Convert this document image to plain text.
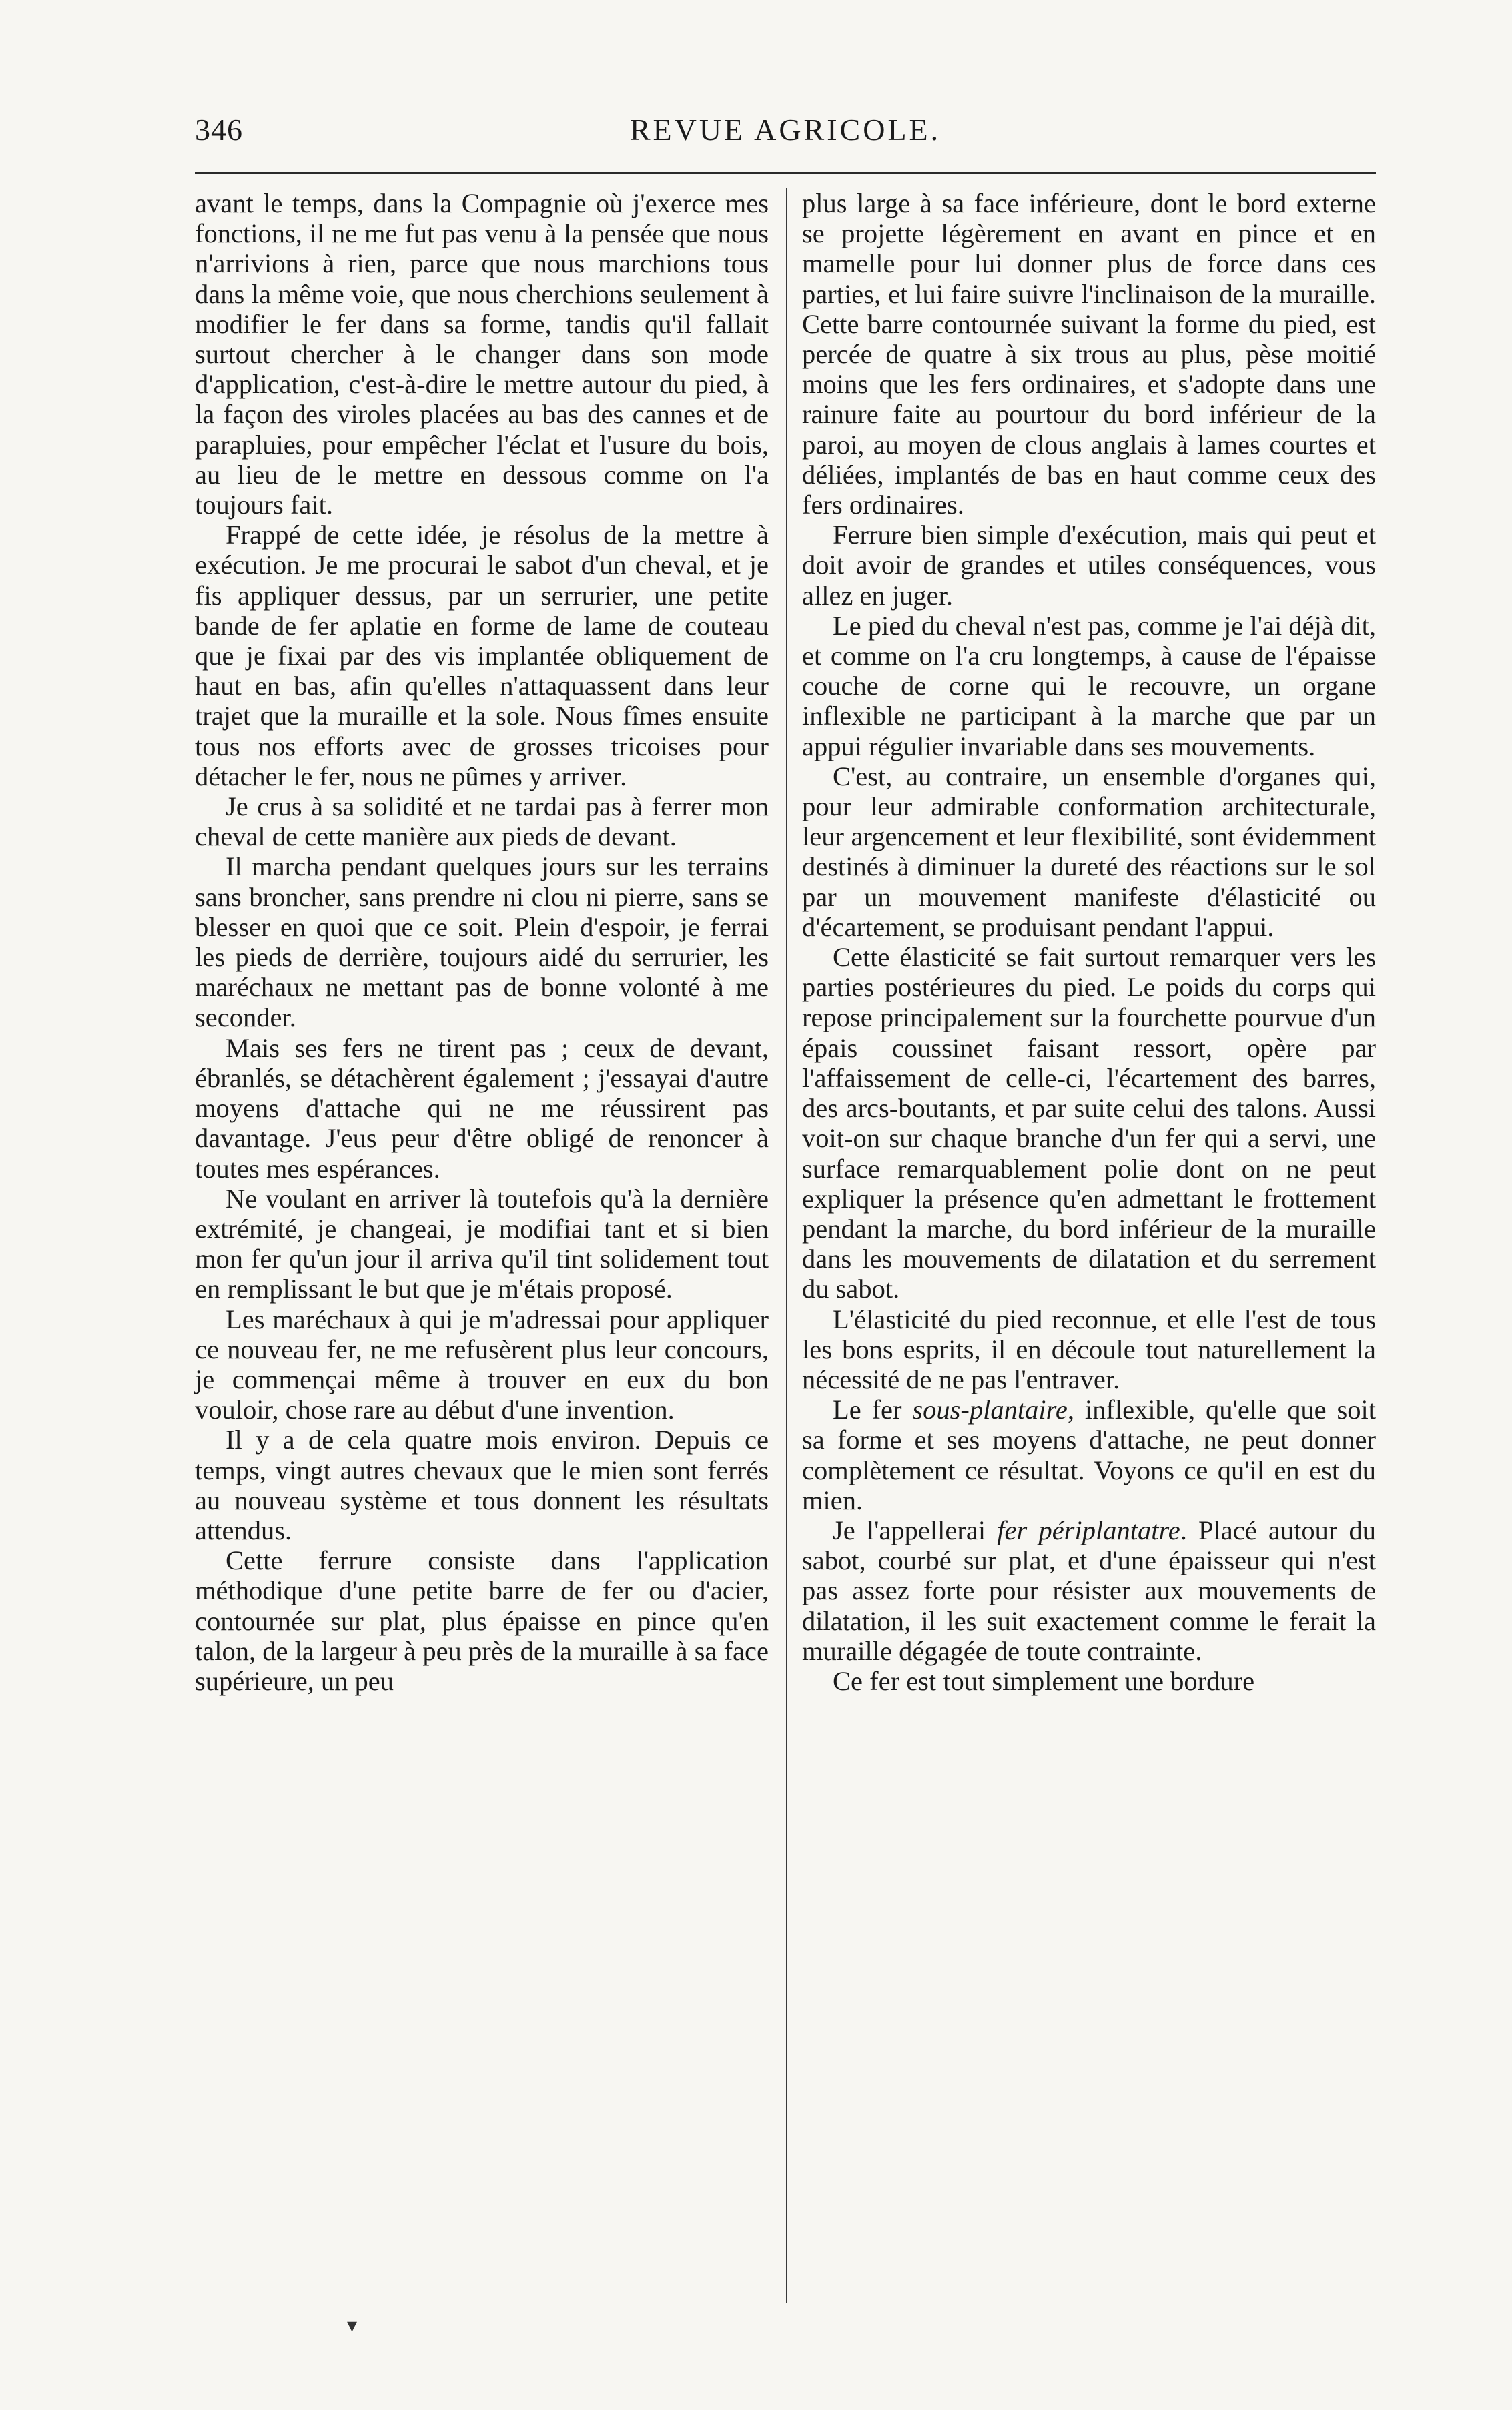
346	REVUE AGRICOLE.

avant le temps, dans la Compagnie où j'exerce mes fonctions, il ne me fut pas venu à la pensée que nous n'arrivions à rien, parce que nous marchions tous dans la même voie, que nous cherchions seulement à modifier le fer dans sa forme, tandis qu'il fallait surtout chercher à le changer dans son mode d'application, c'est-à-dire le mettre autour du pied, à la façon des viroles placées au bas des cannes et de parapluies, pour empêcher l'éclat et l'usure du bois, au lieu de le mettre en dessous comme on l'a toujours fait.

Frappé de cette idée, je résolus de la mettre à exécution. Je me procurai le sabot d'un cheval, et je fis appliquer dessus, par un serrurier, une petite bande de fer aplatie en forme de lame de couteau que je fixai par des vis implantée obliquement de haut en bas, afin qu'elles n'attaquassent dans leur trajet que la muraille et la sole. Nous fîmes ensuite tous nos efforts avec de grosses tricoises pour détacher le fer, nous ne pûmes y arriver.

Je crus à sa solidité et ne tardai pas à ferrer mon cheval de cette manière aux pieds de devant.

Il marcha pendant quelques jours sur les terrains sans broncher, sans prendre ni clou ni pierre, sans se blesser en quoi que ce soit. Plein d'espoir, je ferrai les pieds de derrière, toujours aidé du serrurier, les maréchaux ne mettant pas de bonne volonté à me seconder.

Mais ses fers ne tirent pas ; ceux de devant, ébranlés, se détachèrent également ; j'essayai d'autre moyens d'attache qui ne me réussirent pas davantage. J'eus peur d'être obligé de renoncer à toutes mes espérances.

Ne voulant en arriver là toutefois qu'à la dernière extrémité, je changeai, je modifiai tant et si bien mon fer qu'un jour il arriva qu'il tint solidement tout en remplissant le but que je m'étais proposé.

Les maréchaux à qui je m'adressai pour appliquer ce nouveau fer, ne me refusèrent plus leur concours, je commençai même à trouver en eux du bon vouloir, chose rare au début d'une invention.

Il y a de cela quatre mois environ. Depuis ce temps, vingt autres chevaux que le mien sont ferrés au nouveau système et tous donnent les résultats attendus.

Cette ferrure consiste dans l'application méthodique d'une petite barre de fer ou d'acier, contournée sur plat, plus épaisse en pince qu'en talon, de la largeur à peu près de la muraille à sa face supérieure, un peu

plus large à sa face inférieure, dont le bord externe se projette légèrement en avant en pince et en mamelle pour lui donner plus de force dans ces parties, et lui faire suivre l'inclinaison de la muraille. Cette barre contournée suivant la forme du pied, est percée de quatre à six trous au plus, pèse moitié moins que les fers ordinaires, et s'adopte dans une rainure faite au pourtour du bord inférieur de la paroi, au moyen de clous anglais à lames courtes et déliées, implantés de bas en haut comme ceux des fers ordinaires.

Ferrure bien simple d'exécution, mais qui peut et doit avoir de grandes et utiles conséquences, vous allez en juger.

Le pied du cheval n'est pas, comme je l'ai déjà dit, et comme on l'a cru longtemps, à cause de l'épaisse couche de corne qui le recouvre, un organe inflexible ne participant à la marche que par un appui régulier invariable dans ses mouvements.

C'est, au contraire, un ensemble d'organes qui, pour leur admirable conformation architecturale, leur argencement et leur flexibilité, sont évidemment destinés à diminuer la dureté des réactions sur le sol par un mouvement manifeste d'élasticité ou d'écartement, se produisant pendant l'appui.

Cette élasticité se fait surtout remarquer vers les parties postérieures du pied. Le poids du corps qui repose principalement sur la fourchette pourvue d'un épais coussinet faisant ressort, opère par l'affaissement de celle-ci, l'écartement des barres, des arcs-boutants, et par suite celui des talons. Aussi voit-on sur chaque branche d'un fer qui a servi, une surface remarquablement polie dont on ne peut expliquer la présence qu'en admettant le frottement pendant la marche, du bord inférieur de la muraille dans les mouvements de dilatation et du serrement du sabot.

L'élasticité du pied reconnue, et elle l'est de tous les bons esprits, il en découle tout naturellement la nécessité de ne pas l'entraver.

Le fer sous-plantaire, inflexible, qu'elle que soit sa forme et ses moyens d'attache, ne peut donner complètement ce résultat. Voyons ce qu'il en est du mien.

Je l'appellerai fer périplantatre. Placé autour du sabot, courbé sur plat, et d'une épaisseur qui n'est pas assez forte pour résister aux mouvements de dilatation, il les suit exactement comme le ferait la muraille dégagée de toute contrainte.

Ce fer est tout simplement une bordure

▾
